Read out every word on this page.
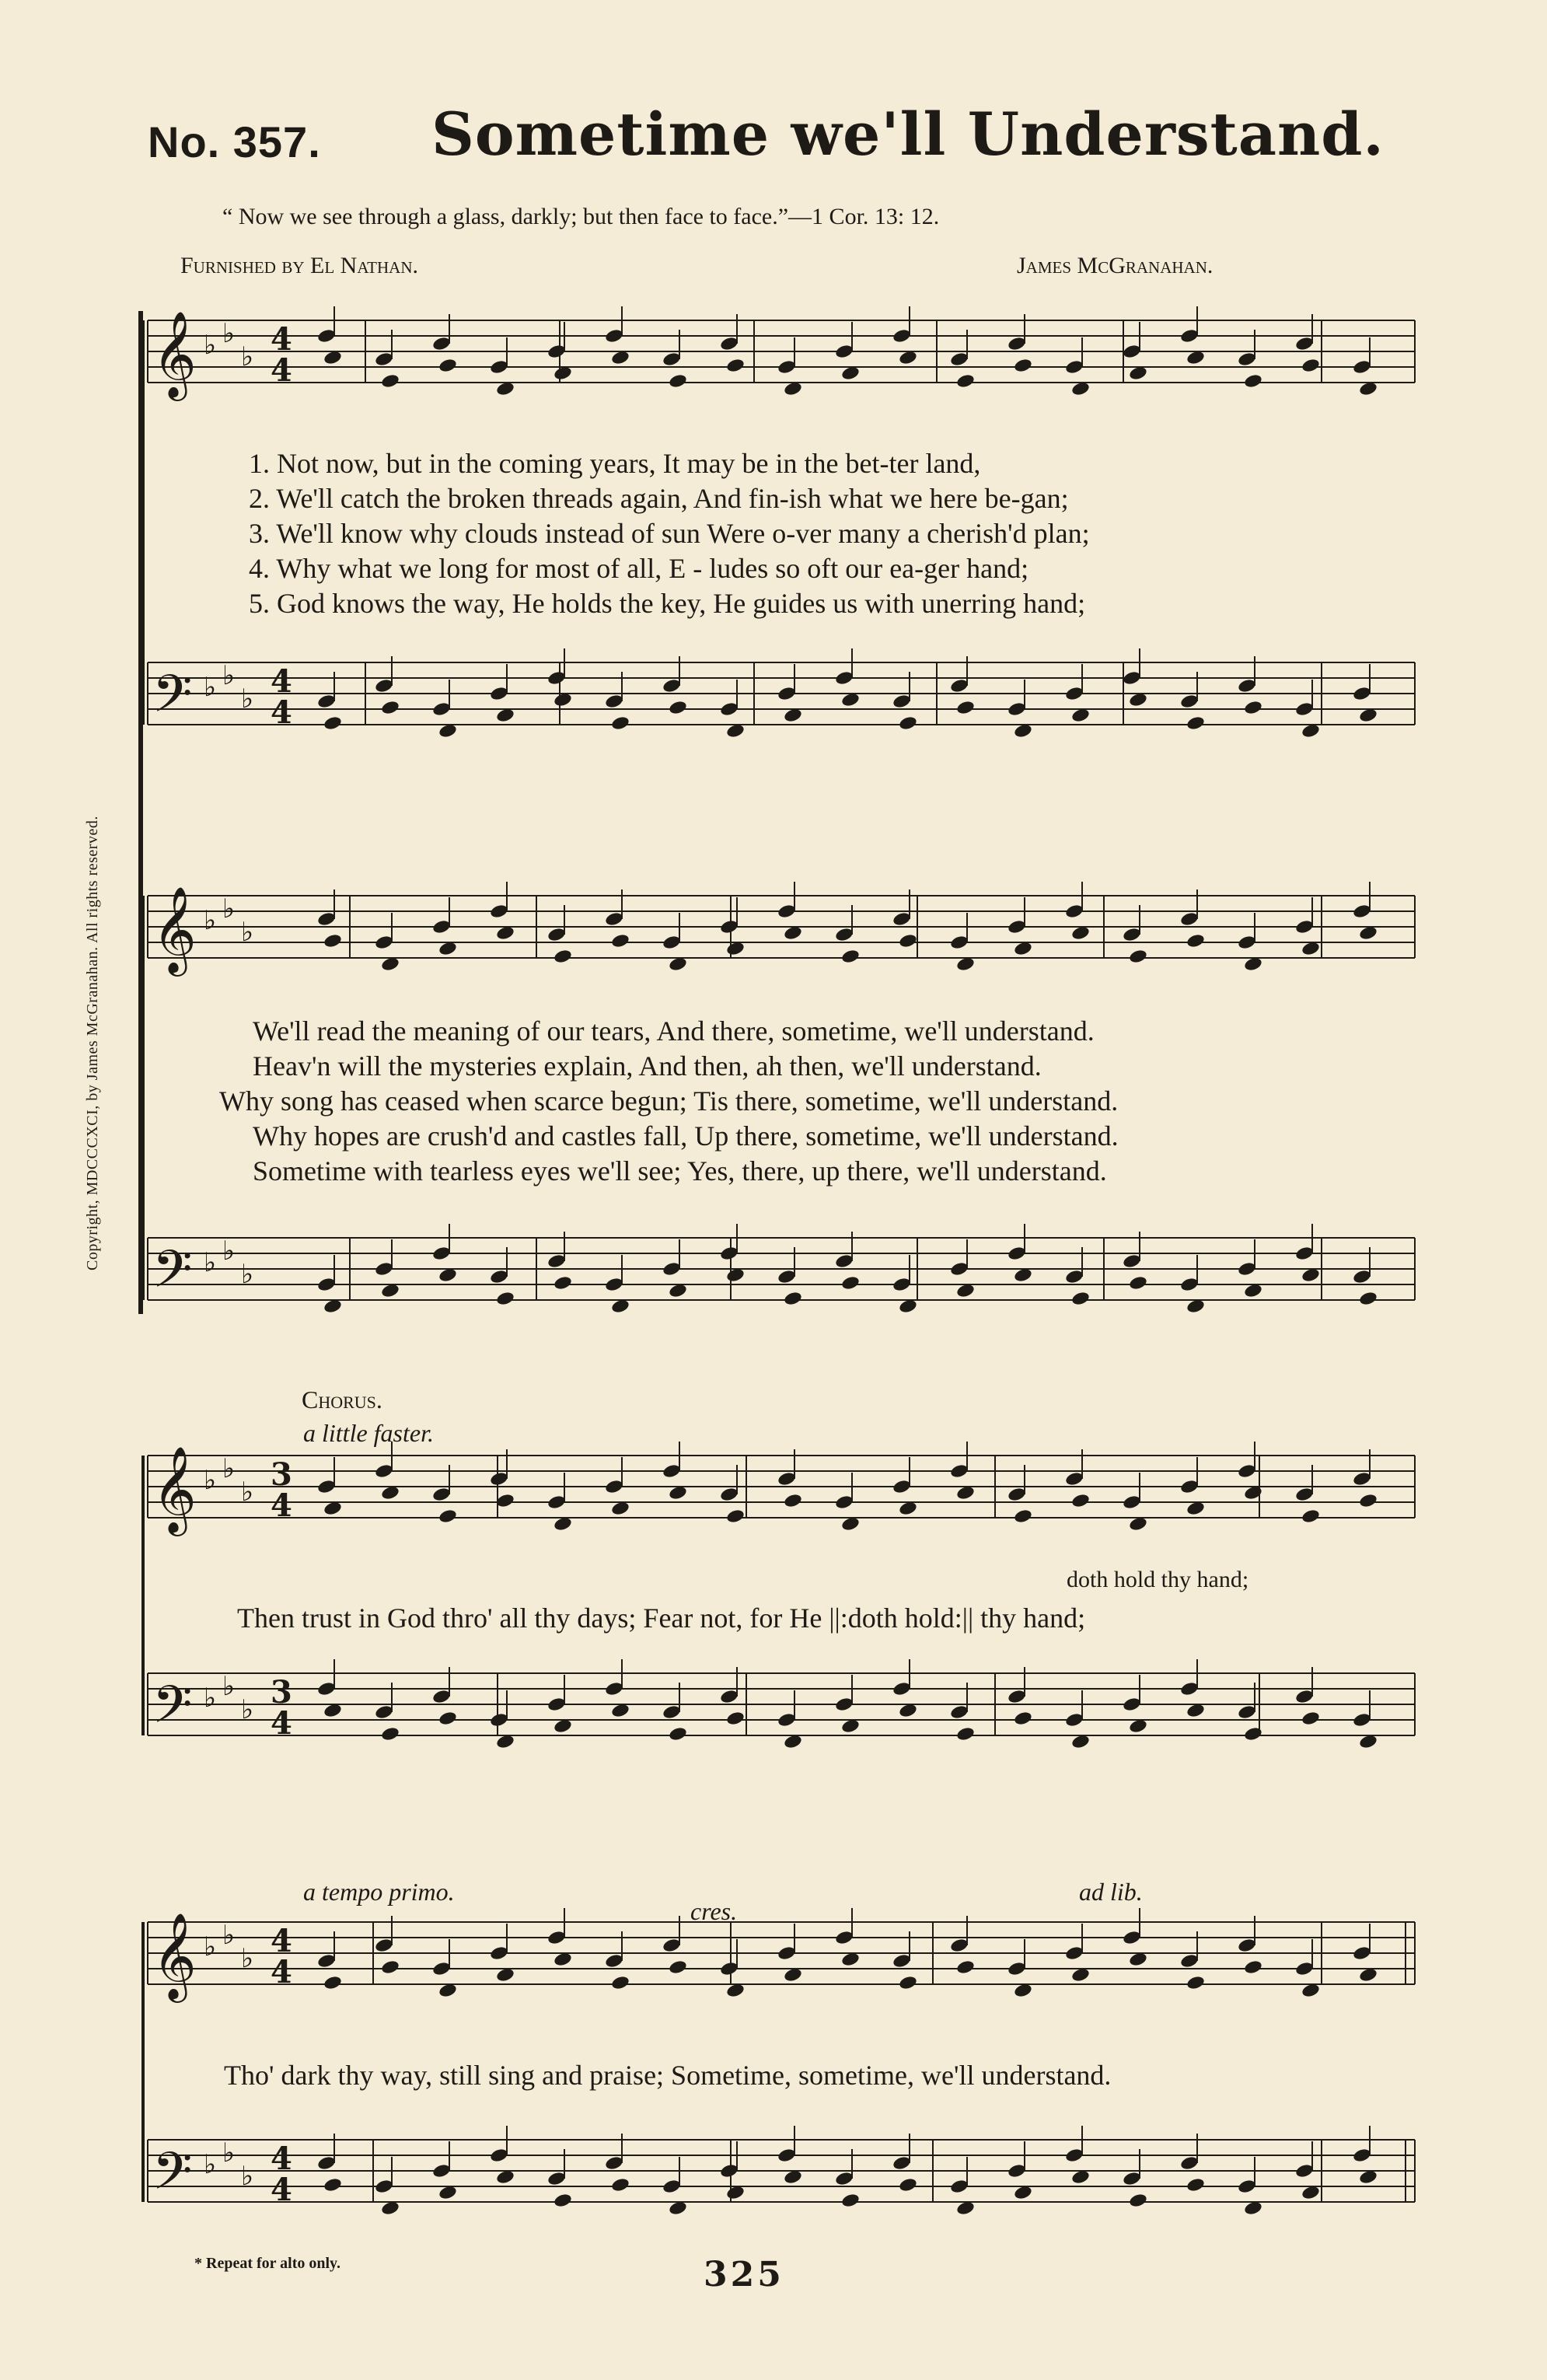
No. 357. Sometime we'll Understand.
“ Now we see through a glass, darkly; but then face to face.”—1 Cor. 13: 12.
Furnished by El Nathan.	James McGranahan.
Copyright, MDCCCXCI, by James McGranahan. All rights reserved.
𝄞
𝄢
𝄞
𝄢
𝄞
𝄢
𝄞
𝄢
♭ ♭
♭
♭ ♭
♭
♭ ♭
♭
♭ ♭
♭
♭ ♭
♭
♭ ♭
♭
♭ ♭
♭
♭ ♭
♭
4
4
4
4
3
4
3
4
4
4
4
4
1. Not now, but in the coming years, It may be in the bet-ter land,
2. We'll catch the broken threads again, And fin-ish what we here be-gan;
3. We'll know why clouds instead of sun Were o-ver many a cherish'd plan;
4. Why what we long for most of all, E - ludes so oft our ea-ger hand;
5. God knows the way, He holds the key, He guides us with unerring hand;
We'll read the meaning of our tears, And there, sometime, we'll understand.
Heav'n will the mysteries explain, And then, ah then, we'll understand.
Why song has ceased when scarce begun; Tis there, sometime, we'll understand.
Why hopes are crush'd and castles fall, Up there, sometime, we'll understand.
Sometime with tearless eyes we'll see; Yes, there, up there, we'll understand.
Chorus.
a little faster.
doth hold thy hand;
Then trust in God thro' all thy days; Fear not, for He ||:doth hold:|| thy hand;
a tempo primo.
cres.
ad lib.
Tho' dark thy way, still sing and praise; Sometime, sometime, we'll understand.
* Repeat for alto only.	325
